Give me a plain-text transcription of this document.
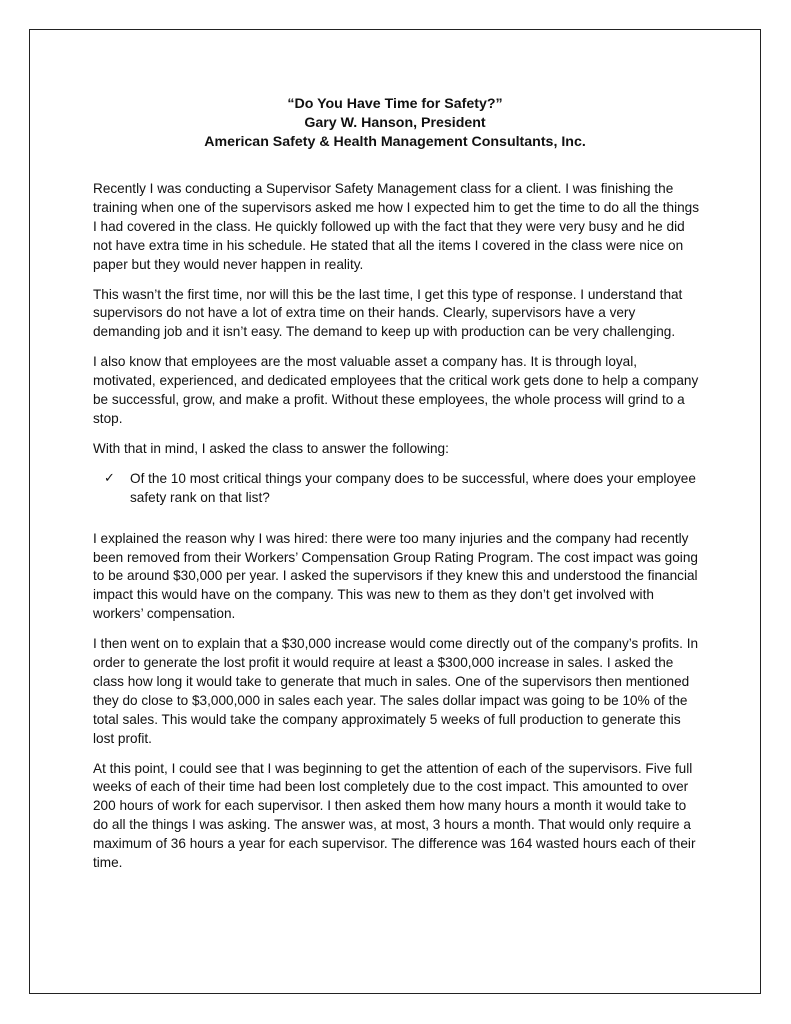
“Do You Have Time for Safety?”
Gary W. Hanson, President
American Safety & Health Management Consultants, Inc.

Recently I was conducting a Supervisor Safety Management class for a client. I was finishing the training when one of the supervisors asked me how I expected him to get the time to do all the things I had covered in the class. He quickly followed up with the fact that they were very busy and he did not have extra time in his schedule. He stated that all the items I covered in the class were nice on paper but they would never happen in reality.

This wasn’t the first time, nor will this be the last time, I get this type of response. I understand that supervisors do not have a lot of extra time on their hands. Clearly, supervisors have a very demanding job and it isn’t easy. The demand to keep up with production can be very challenging.

I also know that employees are the most valuable asset a company has. It is through loyal, motivated, experienced, and dedicated employees that the critical work gets done to help a company be successful, grow, and make a profit. Without these employees, the whole process will grind to a stop.

With that in mind, I asked the class to answer the following:

✓ Of the 10 most critical things your company does to be successful, where does your employee safety rank on that list?

I explained the reason why I was hired: there were too many injuries and the company had recently been removed from their Workers’ Compensation Group Rating Program. The cost impact was going to be around $30,000 per year. I asked the supervisors if they knew this and understood the financial impact this would have on the company. This was new to them as they don’t get involved with workers’ compensation.

I then went on to explain that a $30,000 increase would come directly out of the company’s profits. In order to generate the lost profit it would require at least a $300,000 increase in sales. I asked the class how long it would take to generate that much in sales. One of the supervisors then mentioned they do close to $3,000,000 in sales each year. The sales dollar impact was going to be 10% of the total sales. This would take the company approximately 5 weeks of full production to generate this lost profit.

At this point, I could see that I was beginning to get the attention of each of the supervisors. Five full weeks of each of their time had been lost completely due to the cost impact. This amounted to over 200 hours of work for each supervisor. I then asked them how many hours a month it would take to do all the things I was asking. The answer was, at most, 3 hours a month. That would only require a maximum of 36 hours a year for each supervisor. The difference was 164 wasted hours each of their time.
